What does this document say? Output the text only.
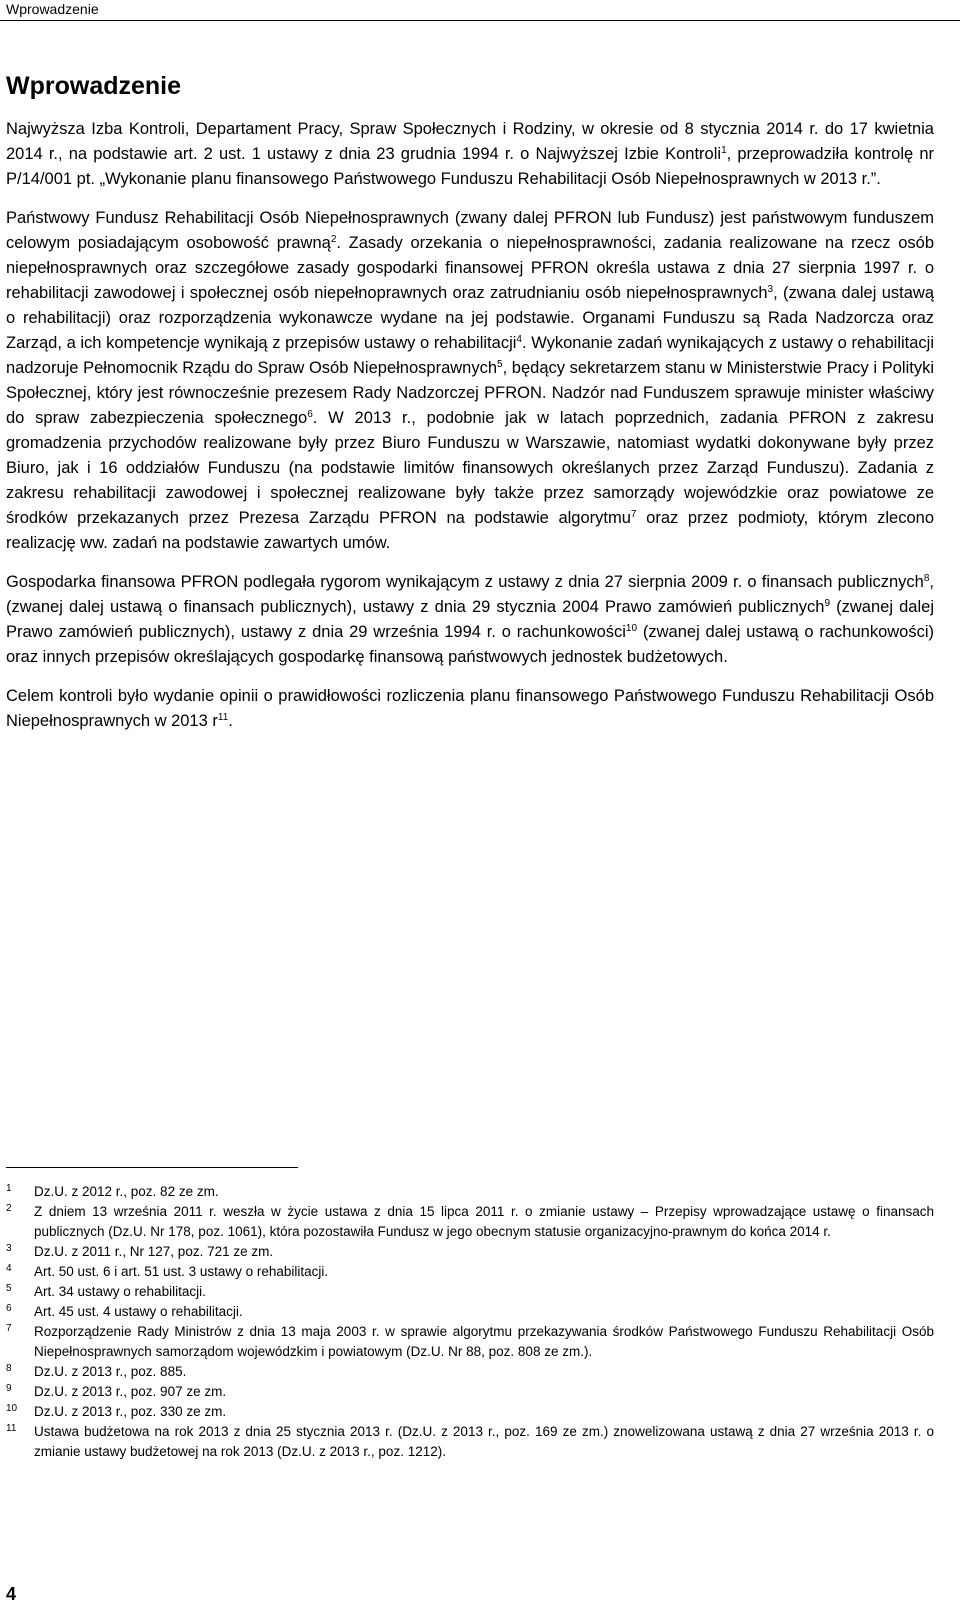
Wprowadzenie
Wprowadzenie

Najwyższa Izba Kontroli, Departament Pracy, Spraw Społecznych i Rodziny, w okresie od 8 stycznia 2014 r. do 17 kwietnia 2014 r., na podstawie art. 2 ust. 1 ustawy z dnia 23 grudnia 1994 r. o Najwyższej Izbie Kontroli$^1$, przeprowadziła kontrolę nr P/14/001 pt. „Wykonanie planu finansowego Państwowego Funduszu Rehabilitacji Osób Niepełnosprawnych w 2013 r.”.

Państwowy Fundusz Rehabilitacji Osób Niepełnosprawnych (zwany dalej PFRON lub Fundusz) jest państwowym funduszem celowym posiadającym osobowość prawną$^2$. Zasady orzekania o niepełnosprawności, zadania realizowane na rzecz osób niepełnosprawnych oraz szczegółowe zasady gospodarki finansowej PFRON określa ustawa z dnia 27 sierpnia 1997 r. o rehabilitacji zawodowej i społecznej osób niepełnoprawnych oraz zatrudnianiu osób niepełnosprawnych$^3$, (zwana dalej ustawą o rehabilitacji) oraz rozporządzenia wykonawcze wydane na jej podstawie. Organami Funduszu są Rada Nadzorcza oraz Zarząd, a ich kompetencje wynikają z przepisów ustawy o rehabilitacji$^4$. Wykonanie zadań wynikających z ustawy o rehabilitacji nadzoruje Pełnomocnik Rządu do Spraw Osób Niepełnosprawnych$^5$, będący sekretarzem stanu w Ministerstwie Pracy i Polityki Społecznej, który jest równocześnie prezesem Rady Nadzorczej PFRON. Nadzór nad Funduszem sprawuje minister właściwy do spraw zabezpieczenia społecznego$^6$. W 2013 r., podobnie jak w latach poprzednich, zadania PFRON z zakresu gromadzenia przychodów realizowane były przez Biuro Funduszu w Warszawie, natomiast wydatki dokonywane były przez Biuro, jak i 16 oddziałów Funduszu (na podstawie limitów finansowych określanych przez Zarząd Funduszu). Zadania z zakresu rehabilitacji zawodowej i społecznej realizowane były także przez samorządy wojewódzkie oraz powiatowe ze środków przekazanych przez Prezesa Zarządu PFRON na podstawie algorytmu$^7$ oraz przez podmioty, którym zlecono realizację ww. zadań na podstawie zawartych umów.

Gospodarka finansowa PFRON podlegała rygorom wynikającym z ustawy z dnia 27 sierpnia 2009 r. o finansach publicznych$^8$, (zwanej dalej ustawą o finansach publicznych), ustawy z dnia 29 stycznia 2004 Prawo zamówień publicznych$^9$ (zwanej dalej Prawo zamówień publicznych), ustawy z dnia 29 września 1994 r. o rachunkowości$^{10}$ (zwanej dalej ustawą o rachunkowości) oraz innych przepisów określających gospodarkę finansową państwowych jednostek budżetowych.

Celem kontroli było wydanie opinii o prawidłowości rozliczenia planu finansowego Państwowego Funduszu Rehabilitacji Osób Niepełnosprawnych w 2013 $r^{11}$.

1 Dz.U. z 2012 r., poz. 82 ze zm.
2 Z dniem 13 września 2011 r. weszła w życie ustawa z dnia 15 lipca 2011 r. o zmianie ustawy – Przepisy wprowadzające ustawę o finansach publicznych (Dz.U. Nr 178, poz. 1061), która pozostawiła Fundusz w jego obecnym statusie organizacyjno-prawnym do końca 2014 r.
3 Dz.U. z 2011 r., Nr 127, poz. 721 ze zm.
4 Art. 50 ust. 6 i art. 51 ust. 3 ustawy o rehabilitacji.
5 Art. 34 ustawy o rehabilitacji.
6 Art. 45 ust. 4 ustawy o rehabilitacji.
7 Rozporządzenie Rady Ministrów z dnia 13 maja 2003 r. w sprawie algorytmu przekazywania środków Państwowego Funduszu Rehabilitacji Osób Niepełnosprawnych samorządom wojewódzkim i powiatowym (Dz.U. Nr 88, poz. 808 ze zm.).
8 Dz.U. z 2013 r., poz. 885.
9 Dz.U. z 2013 r., poz. 907 ze zm.
10 Dz.U. z 2013 r., poz. 330 ze zm.
11 Ustawa budżetowa na rok 2013 z dnia 25 stycznia 2013 r. (Dz.U. z 2013 r., poz. 169 ze zm.) znowelizowana ustawą z dnia 27 września 2013 r. o zmianie ustawy budżetowej na rok 2013 (Dz.U. z 2013 r., poz. 1212).
4
